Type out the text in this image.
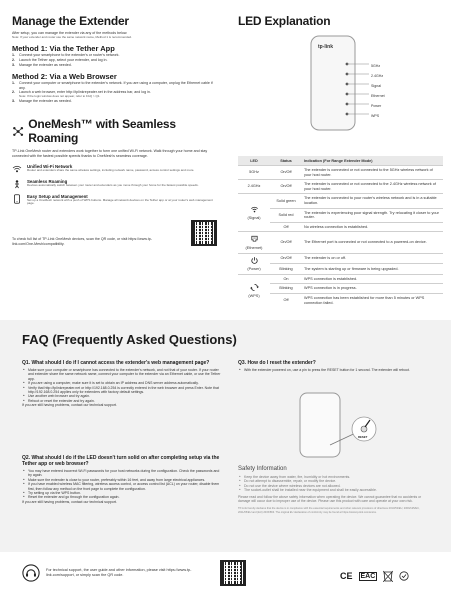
Manage the Extender
After setup, you can manage the extender via any of the methods below.
Note: If your extender and router use the same network name, Method 1 is recommended.
Method 1: Via the Tether App
1.	Connect your smartphone to the extender's or router's network.
2.	Launch the Tether app, select your extender, and log in.
3.	Manage the extender as needed.
Method 2: Via a Web Browser
1.	Connect your computer or smartphone to the extender's network. If you are using a computer, unplug the Ethernet cable if any.
2.	Launch a web browser, enter http://tplinkrepeater.net in the address bar, and log in.
Note: If the login window does not appear, refer to FAQ > Q1.
3.	Manage the extender as needed.
OneMesh™ with Seamless Roaming
TP-Link OneMesh router and extenders work together to form one unified Wi-Fi network. Walk through your home and stay connected with the fastest possible speeds thanks to OneMesh's seamless coverage.
Unified Wi-Fi Network
Router and extenders share the same wireless settings, including network name, password, access control settings and more.
Seamless Roaming
Devices automatically switch between your router and extenders as you move through your home for the fastest possible speeds.
Easy Setup and Management
Set up a OneMesh network with a push of WPS buttons. Manage all network devices on the Tether app or at your router's web management page.
To check full list of TP-Link OneMesh devices, scan the QR code, or visit https://www.tp-link.com/One-Mesh/compatibility.
LED Explanation
tp-link
5GHz
2.4GHz
Signal
Ethernet
Power
WPS
LED	Status	Indication (For Range Extender Mode)
5GHz	On/Off	The extender is connected or not connected to the 5GHz wireless network of your host router.
2.4GHz	On/Off	The extender is connected or not connected to the 2.4GHz wireless network of your host router.

(Signal)	Solid green	The extender is connected to your router's wireless network and is in a suitable location.
	Solid red	The extender is experiencing poor signal strength. Try relocating it closer to your router.
	Off	No wireless connection is established.

(Ethernet)	On/Off	The Ethernet port is connected or not connected to a powered-on device.

(Power)	On/Off	The extender is on or off.
	Blinking	The system is starting up or firmware is being upgraded.

(WPS)	On	WPS connection is established.
	Blinking	WPS connection is in progress.
	Off	WPS connection has been established for more than 5 minutes or WPS connection failed.
FAQ (Frequently Asked Questions)
Q1. What should I do if I cannot access the extender's web management page?
● Make sure your computer or smartphone has connected to the extender's network, and not that of your router. If your router and extender share the same network name, connect your computer to the extender via an Ethernet cable, or use the Tether app.
● If you are using a computer, make sure it is set to obtain an IP address and DNS server address automatically.
● Verify that http://tplinkrepeater.net or http://192.168.0.254 is correctly entered in the web browser and press Enter. Note that http://192.168.0.254 applies only for extenders with factory default settings.
● Use another web browser and try again.
● Reboot or reset the extender and try again.
If you are still having problems, contact our technical support.
Q2. What should I do if the LED doesn't turn solid on after completing setup via the Tether app or web browser?
● You may have entered incorrect Wi-Fi passwords for your host networks during the configuration. Check the passwords and try again.
● Make sure the extender is close to your router, preferably within 16 feet, and away from large electrical appliances.
● If you have enabled wireless MAC filtering, wireless access control, or access control list (ACL) on your router, disable them first, then follow any method on the front page to complete the configuration.
● Try setting up via the WPS button.
● Reset the extender and go through the configuration again.
If you are still having problems, contact our technical support.
Q3. How do I reset the extender?
● With the extender powered on, use a pin to press the RESET button for 1 second. The extender will reboot.
RESET
Safety Information
● Keep the device away from water, fire, humidity or hot environments.
● Do not attempt to disassemble, repair, or modify the device.
● Do not use the device where wireless devices are not allowed.
● The socket-outlet shall be installed near the equipment and shall be easily accessible.
Please read and follow the above safety information when operating the device. We cannot guarantee that no accidents or damage will occur due to improper use of the device. Please use this product with care and operate at your own risk.
TP-Link hereby declares that the device is in compliance with the essential requirements and other relevant provisions of directives 2014/53/EU, 2009/125/EC, 2011/65/EU and (EU) 2015/863. The original EU declaration of conformity may be found at https://www.tp-link.com/en/ce.
For technical support, the user guide and other information, please visit https://www.tp-link.com/support, or simply scan the QR code.	CE EAC
